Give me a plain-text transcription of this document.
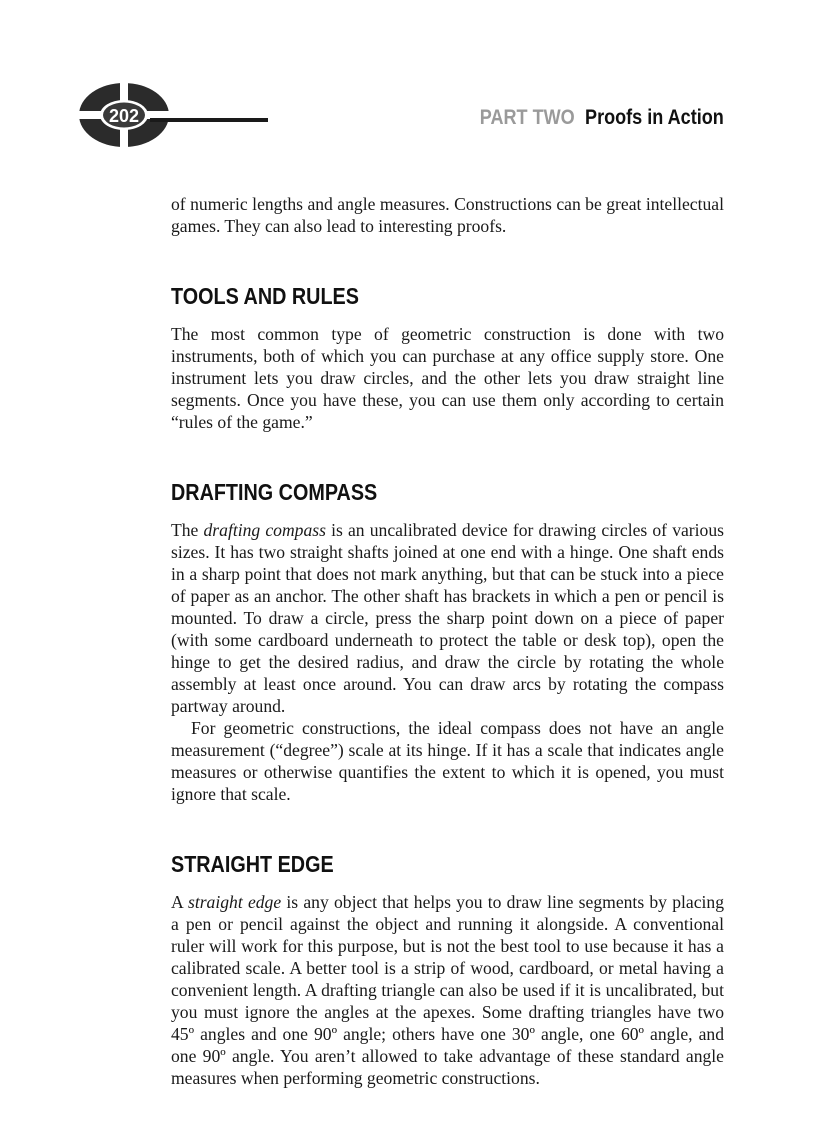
202	PART TWO Proofs in Action

of numeric lengths and angle measures. Constructions can be great intellectual games. They can also lead to interesting proofs.

TOOLS AND RULES

The most common type of geometric construction is done with two instruments, both of which you can purchase at any office supply store. One instrument lets you draw circles, and the other lets you draw straight line segments. Once you have these, you can use them only according to certain “rules of the game.”

DRAFTING COMPASS

The drafting compass is an uncalibrated device for drawing circles of various sizes. It has two straight shafts joined at one end with a hinge. One shaft ends in a sharp point that does not mark anything, but that can be stuck into a piece of paper as an anchor. The other shaft has brackets in which a pen or pencil is mounted. To draw a circle, press the sharp point down on a piece of paper (with some cardboard underneath to protect the table or desk top), open the hinge to get the desired radius, and draw the circle by rotating the whole assembly at least once around. You can draw arcs by rotating the compass partway around.

For geometric constructions, the ideal compass does not have an angle measurement (“degree”) scale at its hinge. If it has a scale that indicates angle measures or otherwise quantifies the extent to which it is opened, you must ignore that scale.

STRAIGHT EDGE

A straight edge is any object that helps you to draw line segments by placing a pen or pencil against the object and running it alongside. A conventional ruler will work for this purpose, but is not the best tool to use because it has a calibrated scale. A better tool is a strip of wood, cardboard, or metal having a convenient length. A drafting triangle can also be used if it is uncalibrated, but you must ignore the angles at the apexes. Some drafting triangles have two 45º angles and one 90º angle; others have one 30º angle, one 60º angle, and one 90º angle. You aren’t allowed to take advantage of these standard angle measures when performing geometric constructions.
